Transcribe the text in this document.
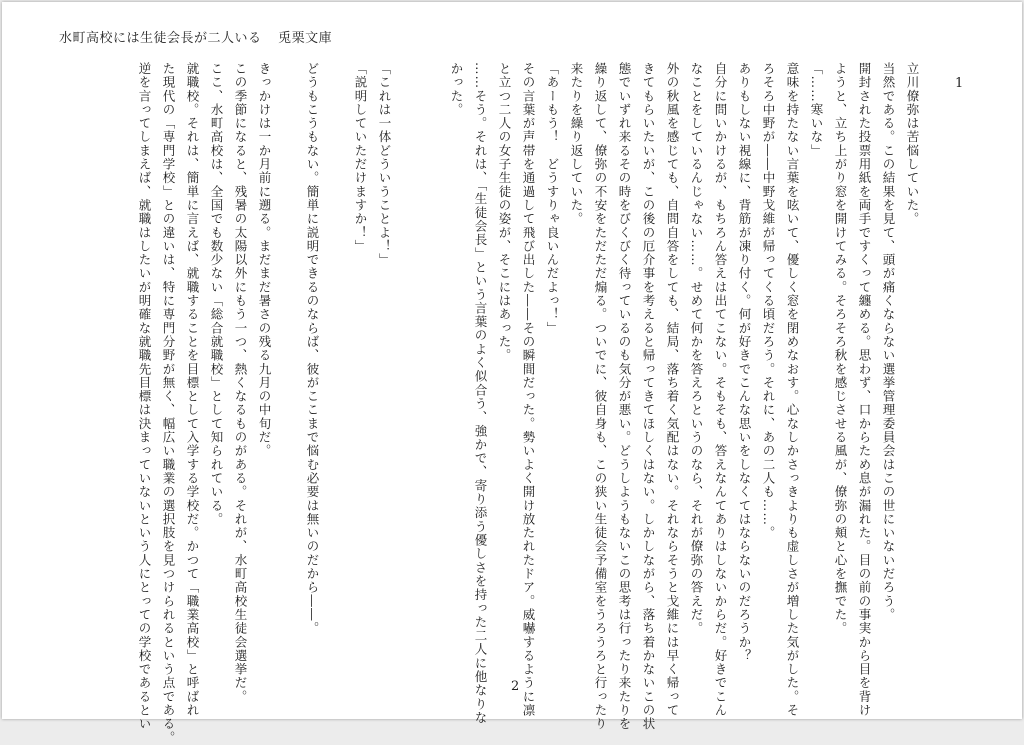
水町高校には生徒会長が二人いる 兎栗文庫
1
立川僚弥は苦悩していた。
当然である。この結果を見て、頭が痛くならない選挙管理委員会はこの世にいないだろう。
開封された投票用紙を両手ですくって纏める。思わず、口からため息が漏れた。目の前の事実から目を背け
ようと、立ち上がり窓を開けてみる。そろそろ秋を感じさせる風が、僚弥の頬と心を撫でた。
「……寒いな」
意味を持たない言葉を呟いて、優しく窓を閉めなおす。心なしかさっきよりも虚しさが増した気がした。そ
ろそろ中野が――中野戈維が帰ってくる頃だろう。それに、あの二人も……。
ありもしない視線に、背筋が凍り付く。何が好きでこんな思いをしなくてはならないのだろうか？
自分に問いかけるが、もちろん答えは出てこない。そもそも、答えなんてありはしないからだ。好きでこん
なことをしているんじゃない……。せめて何かを答えろというのなら、それが僚弥の答えだ。
外の秋風を感じても、自問自答をしても、結局、落ち着く気配はない。それならそうと戈維には早く帰って
きてもらいたいが、この後の厄介事を考えると帰ってきてほしくはない。しかしながら、落ち着かないこの状
態でいずれ来るその時をびくびく待っているのも気分が悪い。どうしようもないこの思考は行ったり来たりを
繰り返して、僚弥の不安をただただ煽る。ついでに、彼自身も、この狭い生徒会予備室をうろうろと行ったり
来たりを繰り返していた。
「あーもう！　どうすりゃ良いんだよっ！」
その言葉が声帯を通過して飛び出した――その瞬間だった。勢いよく開け放たれたドア。威嚇するように凛
と立つ二人の女子生徒の姿が、そこにはあった。
……そう。それは、「生徒会長」という言葉のよく似合う、強かで、寄り添う優しさを持った二人に他なりな
かった。
「これは一体どういうことよ！」
「説明していただけますか！」
どうもこうもない。簡単に説明できるのならば、彼がここまで悩む必要は無いのだから――。
きっかけは一か月前に遡る。まだまだ暑さの残る九月の中旬だ。
この季節になると、残暑の太陽以外にもう一つ、熱くなるものがある。それが、水町高校生徒会選挙だ。
ここ、水町高校は、全国でも数少ない「総合就職校」として知られている。
就職校。それは、簡単に言えば、就職することを目標として入学する学校だ。かつて「職業高校」と呼ばれ
た現代の「専門学校」との違いは、特に専門分野が無く、幅広い職業の選択肢を見つけられるという点である。
逆を言ってしまえば、就職はしたいが明確な就職先目標は決まっていないという人にとっての学校であるとい	2
